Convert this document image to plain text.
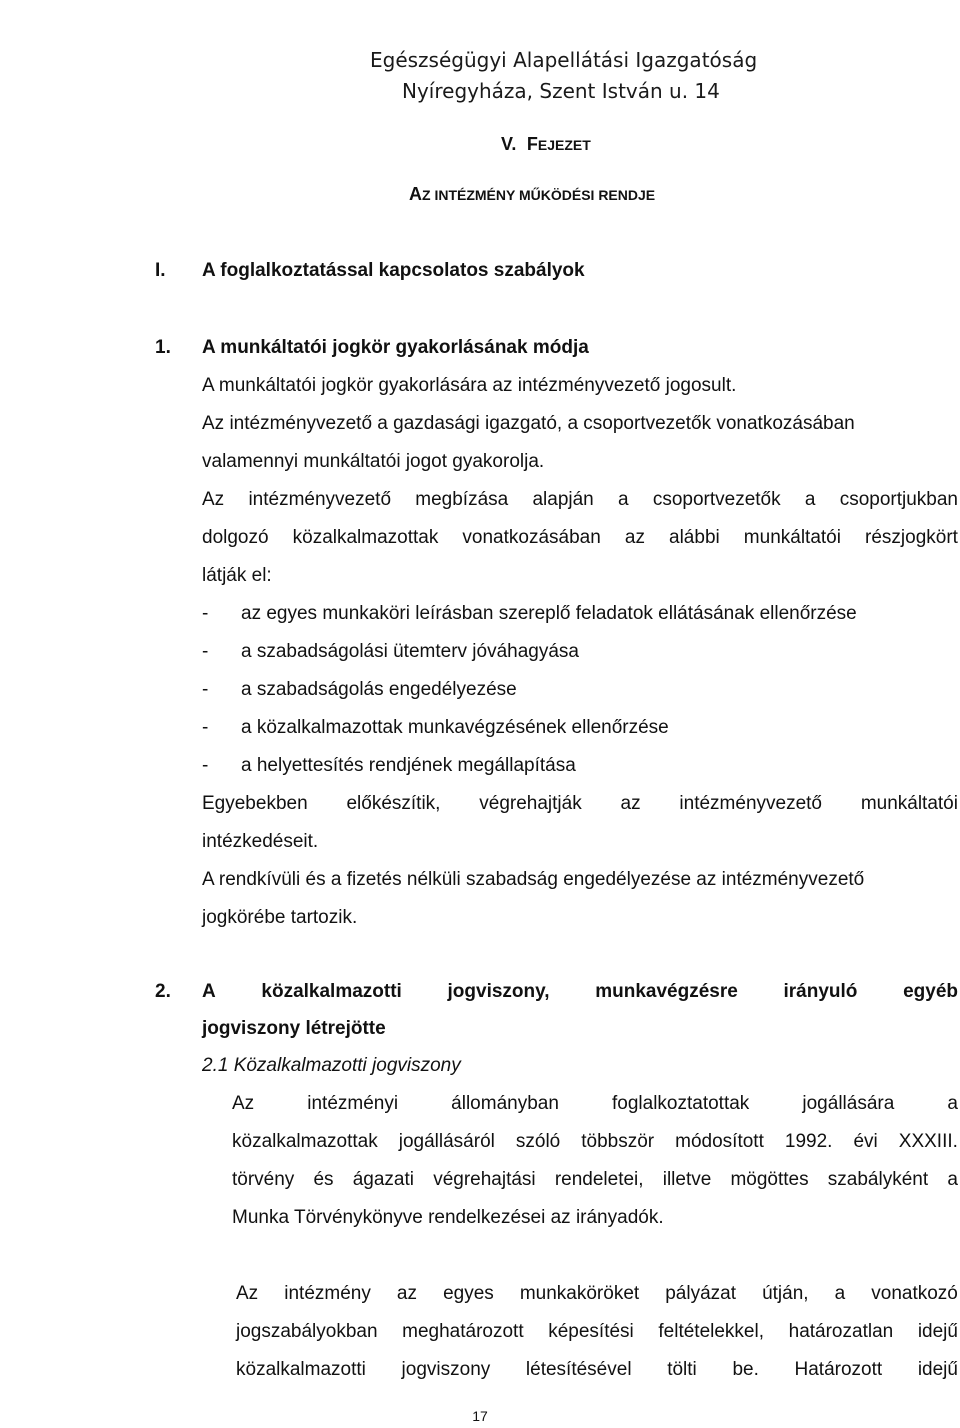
Egészségügyi Alapellátási Igazgatóság
Nyíregyháza, Szent István u. 14
V. FEJEZET
AZ INTÉZMÉNY MŰKÖDÉSI RENDJE
I. A foglalkoztatással kapcsolatos szabályok
1. A munkáltatói jogkör gyakorlásának módja
A munkáltatói jogkör gyakorlására az intézményvezető jogosult.
Az intézményvezető a gazdasági igazgató, a csoportvezetők vonatkozásában
valamennyi munkáltatói jogot gyakorolja.
Az intézményvezető megbízása alapján a csoportvezetők a csoportjukban
dolgozó közalkalmazottak vonatkozásában az alábbi munkáltatói részjogkört
látják el:
- az egyes munkaköri leírásban szereplő feladatok ellátásának ellenőrzése
- a szabadságolási ütemterv jóváhagyása
- a szabadságolás engedélyezése
- a közalkalmazottak munkavégzésének ellenőrzése
- a helyettesítés rendjének megállapítása
Egyebekben előkészítik, végrehajtják az intézményvezető munkáltatói
intézkedéseit.
A rendkívüli és a fizetés nélküli szabadság engedélyezése az intézményvezető
jogkörébe tartozik.
2. A közalkalmazotti jogviszony, munkavégzésre irányuló egyéb
jogviszony létrejötte
2.1 Közalkalmazotti jogviszony
Az	intézményi	állományban	foglalkoztatottak	jogállására	a
közalkalmazottak jogállásáról szóló többször módosított 1992. évi XXXIII.
törvény és ágazati végrehajtási rendeletei, illetve mögöttes szabályként a
Munka Törvénykönyve rendelkezései az irányadók.
Az intézmény az egyes munkaköröket pályázat útján, a vonatkozó
jogszabályokban meghatározott képesítési feltételekkel, határozatlan idejű
közalkalmazotti jogviszony létesítésével tölti be. Határozott idejű
17
